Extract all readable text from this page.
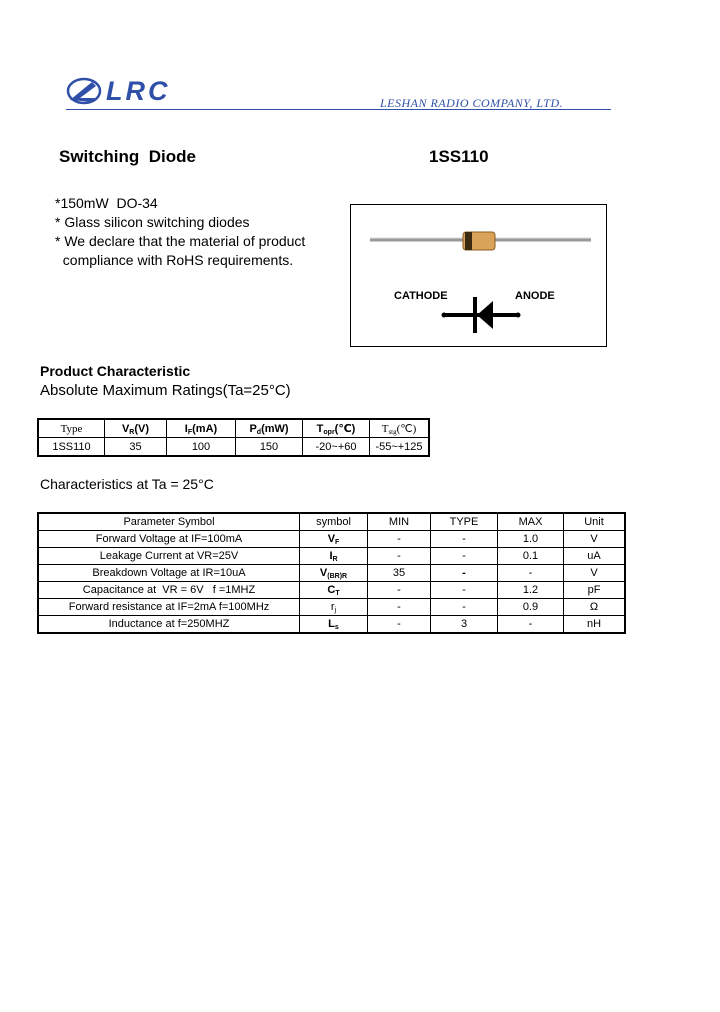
LRC	LESHAN RADIO COMPANY, LTD.
Switching  Diode	1SS110
*150mW  DO-34
* Glass silicon switching diodes
* We declare that the material of product
compliance with RoHS requirements.
CATHODE	ANODE
Product Characteristic
Absolute Maximum Ratings(Ta=25°C)
Type	$V_R(V)$	$I_F(mA)$	$P_d(mW)$	$T_{opr}(℃)$	$T_{stg}(℃)$
1SS110	35	100	150	-20~+60	-55~+125
Characteristics at Ta = 25°C
Parameter Symbol	symbol	MIN	TYPE	MAX	Unit
Forward Voltage at IF=100mA	$V_F$	-	-	1.0	V
Leakage Current at VR=25V	$I_R$	-	-	0.1	uA
Breakdown Voltage at IR=10uA	$V_{(BR)R}$	35	-	-	V
Capacitance at  VR = 6V   f =1MHZ	$C_T$	-	-	1.2	pF
Forward resistance at IF=2mA f=100MHz	$r_j$	-	-	0.9	Ω
Inductance at f=250MHZ	$L_s$	-	3	-	nH
